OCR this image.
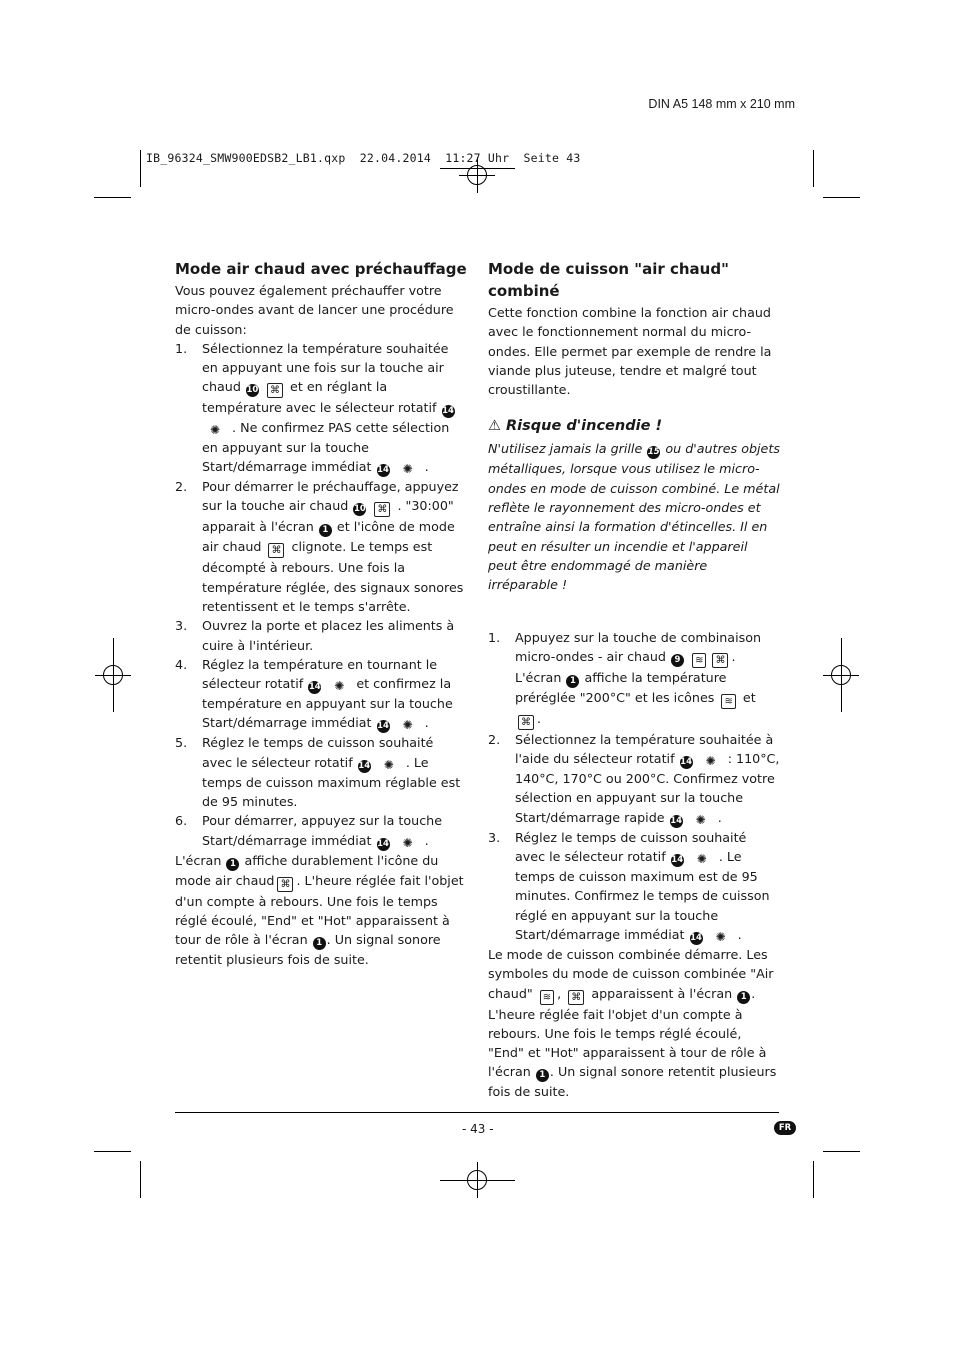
DIN A5 148 mm x 210 mm
IB_96324_SMW900EDSB2_LB1.qxp  22.04.2014  11:27 Uhr  Seite 43
Mode air chaud avec préchauffage

Vous pouvez également préchauffer votre micro-ondes avant de lancer une procédure de cuisson:

1. Sélectionnez la température souhaitée en appuyant une fois sur la touche air chaud 10 ⌘ et en réglant la température avec le sélecteur rotatif 14 ✺ . Ne confirmez PAS cette sélection en appuyant sur la touche Start/démarrage immédiat 14 ✺ .
2. Pour démarrer le préchauffage, appuyez sur la touche air chaud 10 ⌘ . "30:00" apparait à l'écran 1 et l'icône de mode air chaud ⌘ clignote. Le temps est décompté à rebours. Une fois la température réglée, des signaux sonores retentissent et le temps s'arrête.
3. Ouvrez la porte et placez les aliments à cuire à l'intérieur.
4. Réglez la température en tournant le sélecteur rotatif 14 ✺ et confirmez la température en appuyant sur la touche Start/démarrage immédiat 14 ✺ .
5. Réglez le temps de cuisson souhaité avec le sélecteur rotatif 14 ✺ . Le temps de cuisson maximum réglable est de 95 minutes.
6. Pour démarrer, appuyez sur la touche Start/démarrage immédiat 14 ✺ .

L'écran 1 affiche durablement l'icône du mode air chaud ⌘ . L'heure réglée fait l'objet d'un compte à rebours. Une fois le temps réglé écoulé, "End" et "Hot" apparaissent à tour de rôle à l'écran 1 . Un signal sonore retentit plusieurs fois de suite.

Mode de cuisson "air chaud" combiné

Cette fonction combine la fonction air chaud avec le fonctionnement normal du micro-ondes. Elle permet par exemple de rendre la viande plus juteuse, tendre et malgré tout croustillante.

⚠ Risque d'incendie !

N'utilisez jamais la grille 15 ou d'autres objets métalliques, lorsque vous utilisez le micro-ondes en mode de cuisson combiné. Le métal reflète le rayonnement des micro-ondes et entraîne ainsi la formation d'étincelles. Il en peut en résulter un incendie et l'appareil peut être endommagé de manière irréparable !

1. Appuyez sur la touche de combinaison micro-ondes - air chaud 9 ≋ ⌘ . L'écran 1 affiche la température préréglée "200°C" et les icônes ≋ et ⌘ .
2. Sélectionnez la température souhaitée à l'aide du sélecteur rotatif 14 ✺ : 110°C, 140°C, 170°C ou 200°C. Confirmez votre sélection en appuyant sur la touche Start/démarrage rapide 14 ✺ .
3. Réglez le temps de cuisson souhaité avec le sélecteur rotatif 14 ✺ . Le temps de cuisson maximum est de 95 minutes. Confirmez le temps de cuisson réglé en appuyant sur la touche Start/démarrage immédiat 14 ✺ .

Le mode de cuisson combinée démarre. Les symboles du mode de cuisson combinée "Air chaud" ≋ , ⌘ apparaissent à l'écran 1 . L'heure réglée fait l'objet d'un compte à rebours. Une fois le temps réglé écoulé, "End" et "Hot" apparaissent à tour de rôle à l'écran 1 . Un signal sonore retentit plusieurs fois de suite.

- 43 -	FR
